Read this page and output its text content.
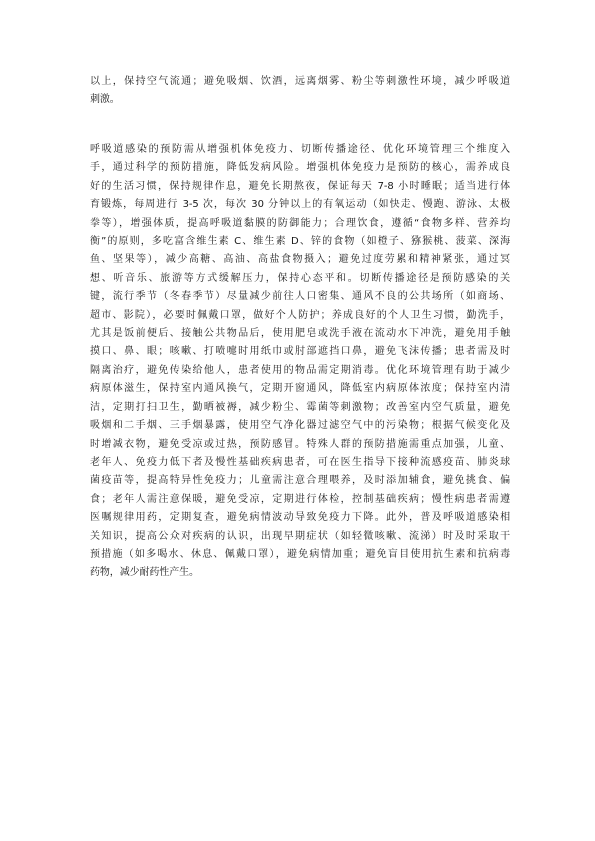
以上，保持空气流通；避免吸烟、饮酒，远离烟雾、粉尘等刺激性环境，减少呼吸道
刺激。
呼吸道感染的预防需从增强机体免疫力、切断传播途径、优化环境管理三个维度入
手，通过科学的预防措施，降低发病风险。增强机体免疫力是预防的核心，需养成良
好的生活习惯，保持规律作息，避免长期熬夜，保证每天 7-8 小时睡眠；适当进行体
育锻炼，每周进行 3-5 次，每次 30 分钟以上的有氧运动（如快走、慢跑、游泳、太极
拳等），增强体质，提高呼吸道黏膜的防御能力；合理饮食，遵循“食物多样、营养均
衡”的原则，多吃富含维生素 C、维生素 D、锌的食物（如橙子、猕猴桃、菠菜、深海
鱼、坚果等），减少高糖、高油、高盐食物摄入；避免过度劳累和精神紧张，通过冥
想、听音乐、旅游等方式缓解压力，保持心态平和。切断传播途径是预防感染的关
键，流行季节（冬春季节）尽量减少前往人口密集、通风不良的公共场所（如商场、
超市、影院），必要时佩戴口罩，做好个人防护；养成良好的个人卫生习惯，勤洗手，
尤其是饭前便后、接触公共物品后，使用肥皂或洗手液在流动水下冲洗，避免用手触
摸口、鼻、眼；咳嗽、打喷嚏时用纸巾或肘部遮挡口鼻，避免飞沫传播；患者需及时
隔离治疗，避免传染给他人，患者使用的物品需定期消毒。优化环境管理有助于减少
病原体滋生，保持室内通风换气，定期开窗通风，降低室内病原体浓度；保持室内清
洁，定期打扫卫生，勤晒被褥，减少粉尘、霉菌等刺激物；改善室内空气质量，避免
吸烟和二手烟、三手烟暴露，使用空气净化器过滤空气中的污染物；根据气候变化及
时增减衣物，避免受凉或过热，预防感冒。特殊人群的预防措施需重点加强，儿童、
老年人、免疫力低下者及慢性基础疾病患者，可在医生指导下接种流感疫苗、肺炎球
菌疫苗等，提高特异性免疫力；儿童需注意合理喂养，及时添加辅食，避免挑食、偏
食；老年人需注意保暖，避免受凉，定期进行体检，控制基础疾病；慢性病患者需遵
医嘱规律用药，定期复查，避免病情波动导致免疫力下降。此外，普及呼吸道感染相
关知识，提高公众对疾病的认识，出现早期症状（如轻微咳嗽、流涕）时及时采取干
预措施（如多喝水、休息、佩戴口罩），避免病情加重；避免盲目使用抗生素和抗病毒
药物，减少耐药性产生。
